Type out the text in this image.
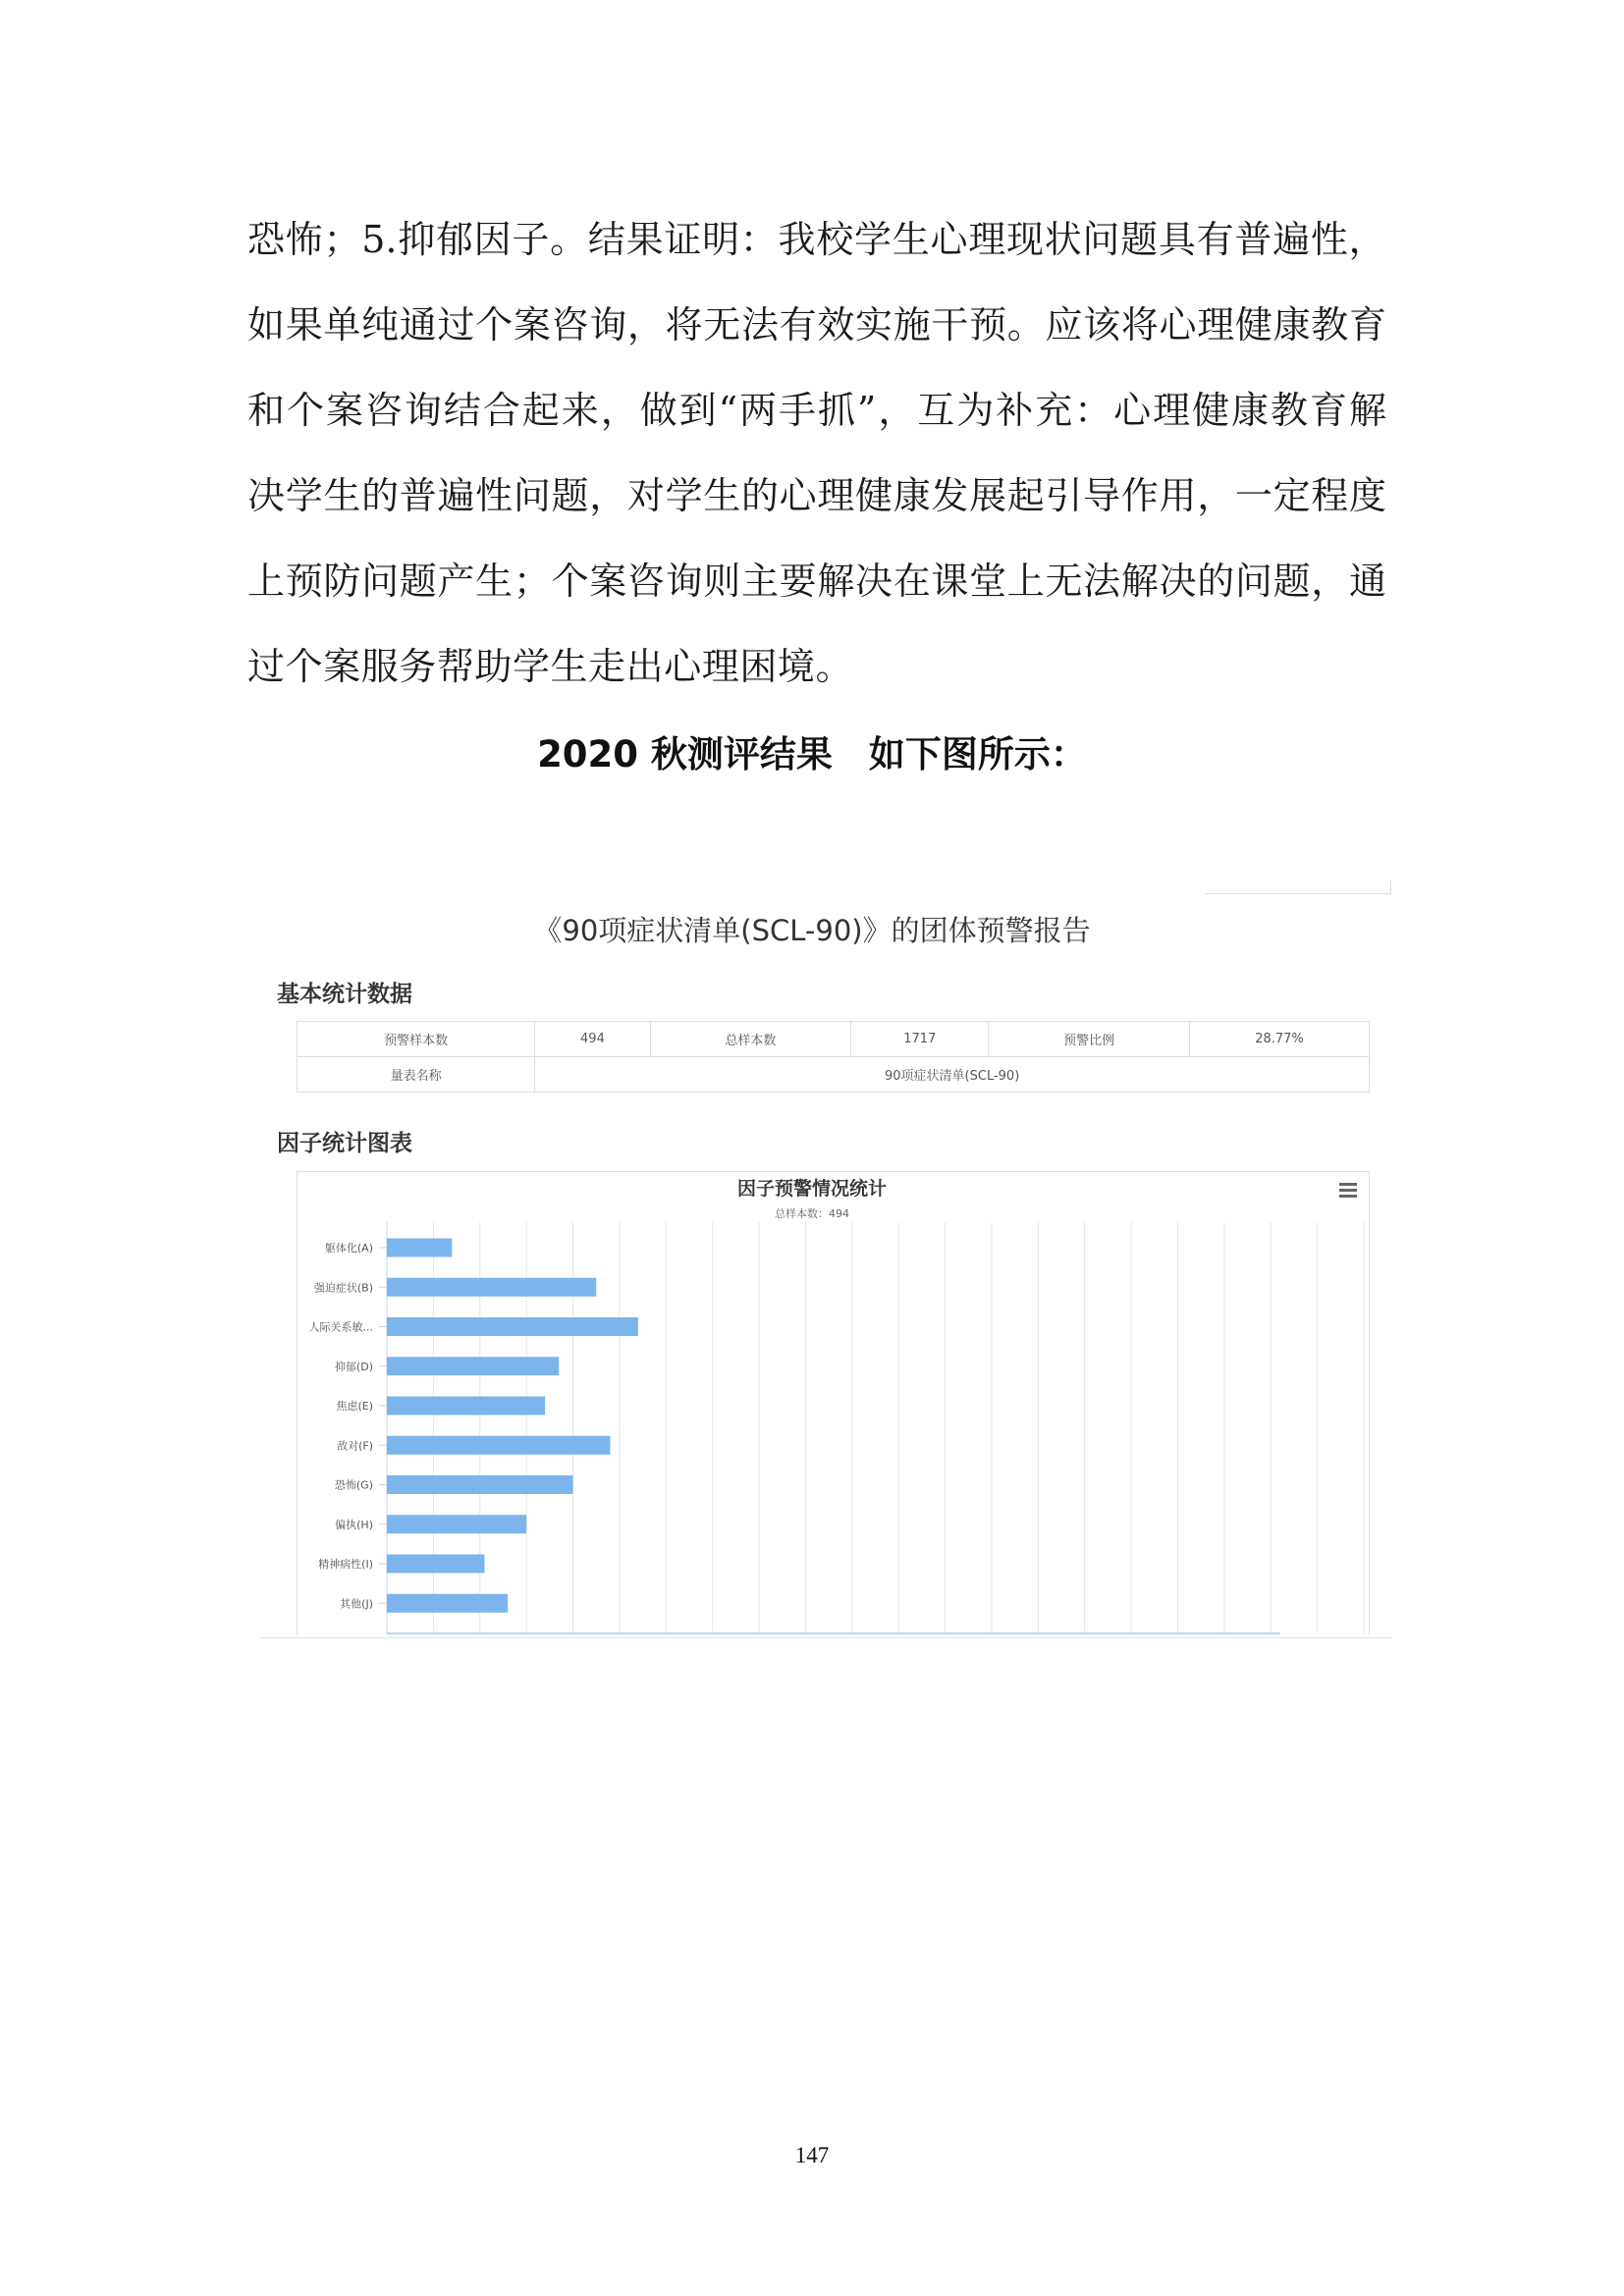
恐 怖 ； 5. 抑 郁 因 子 。 结 果 证 明 ： 我 校 学 生 心 理 现 状 问 题 具 有 普 遍 性 ，
如 果 单 纯 通 过 个 案 咨 询 ， 将 无 法 有 效 实 施 干 预 。 应 该 将 心 理 健 康 教 育
和 个 案 咨 询 结 合 起 来 ， 做 到 “ 两 手 抓 ” ， 互 为 补 充 ： 心 理 健 康 教 育 解
决 学 生 的 普 遍 性 问 题 ， 对 学 生 的 心 理 健 康 发 展 起 引 导 作 用 ， 一 定 程 度
上 预 防 问 题 产 生 ； 个 案 咨 询 则 主 要 解 决 在 课 堂 上 无 法 解 决 的 问 题 ， 通
过 个 案 服 务 帮 助 学 生 走 出 心 理 困 境 。
2020 秋测评结果　如下图所示：
《90项症状清单(SCL-90)》的团体预警报告
基本统计数据
预警样本数	494	总样本数	1717	预警比例	28.77%
量表名称	90项症状清单(SCL-90)				
因子统计图表
因子预警情况统计
总样本数：494
躯体化(A)
强迫症状(B)
人际关系敏...
抑郁(D)
焦虑(E)
敌对(F)
恐怖(G)
偏执(H)
精神病性(I)
其他(J)
147
